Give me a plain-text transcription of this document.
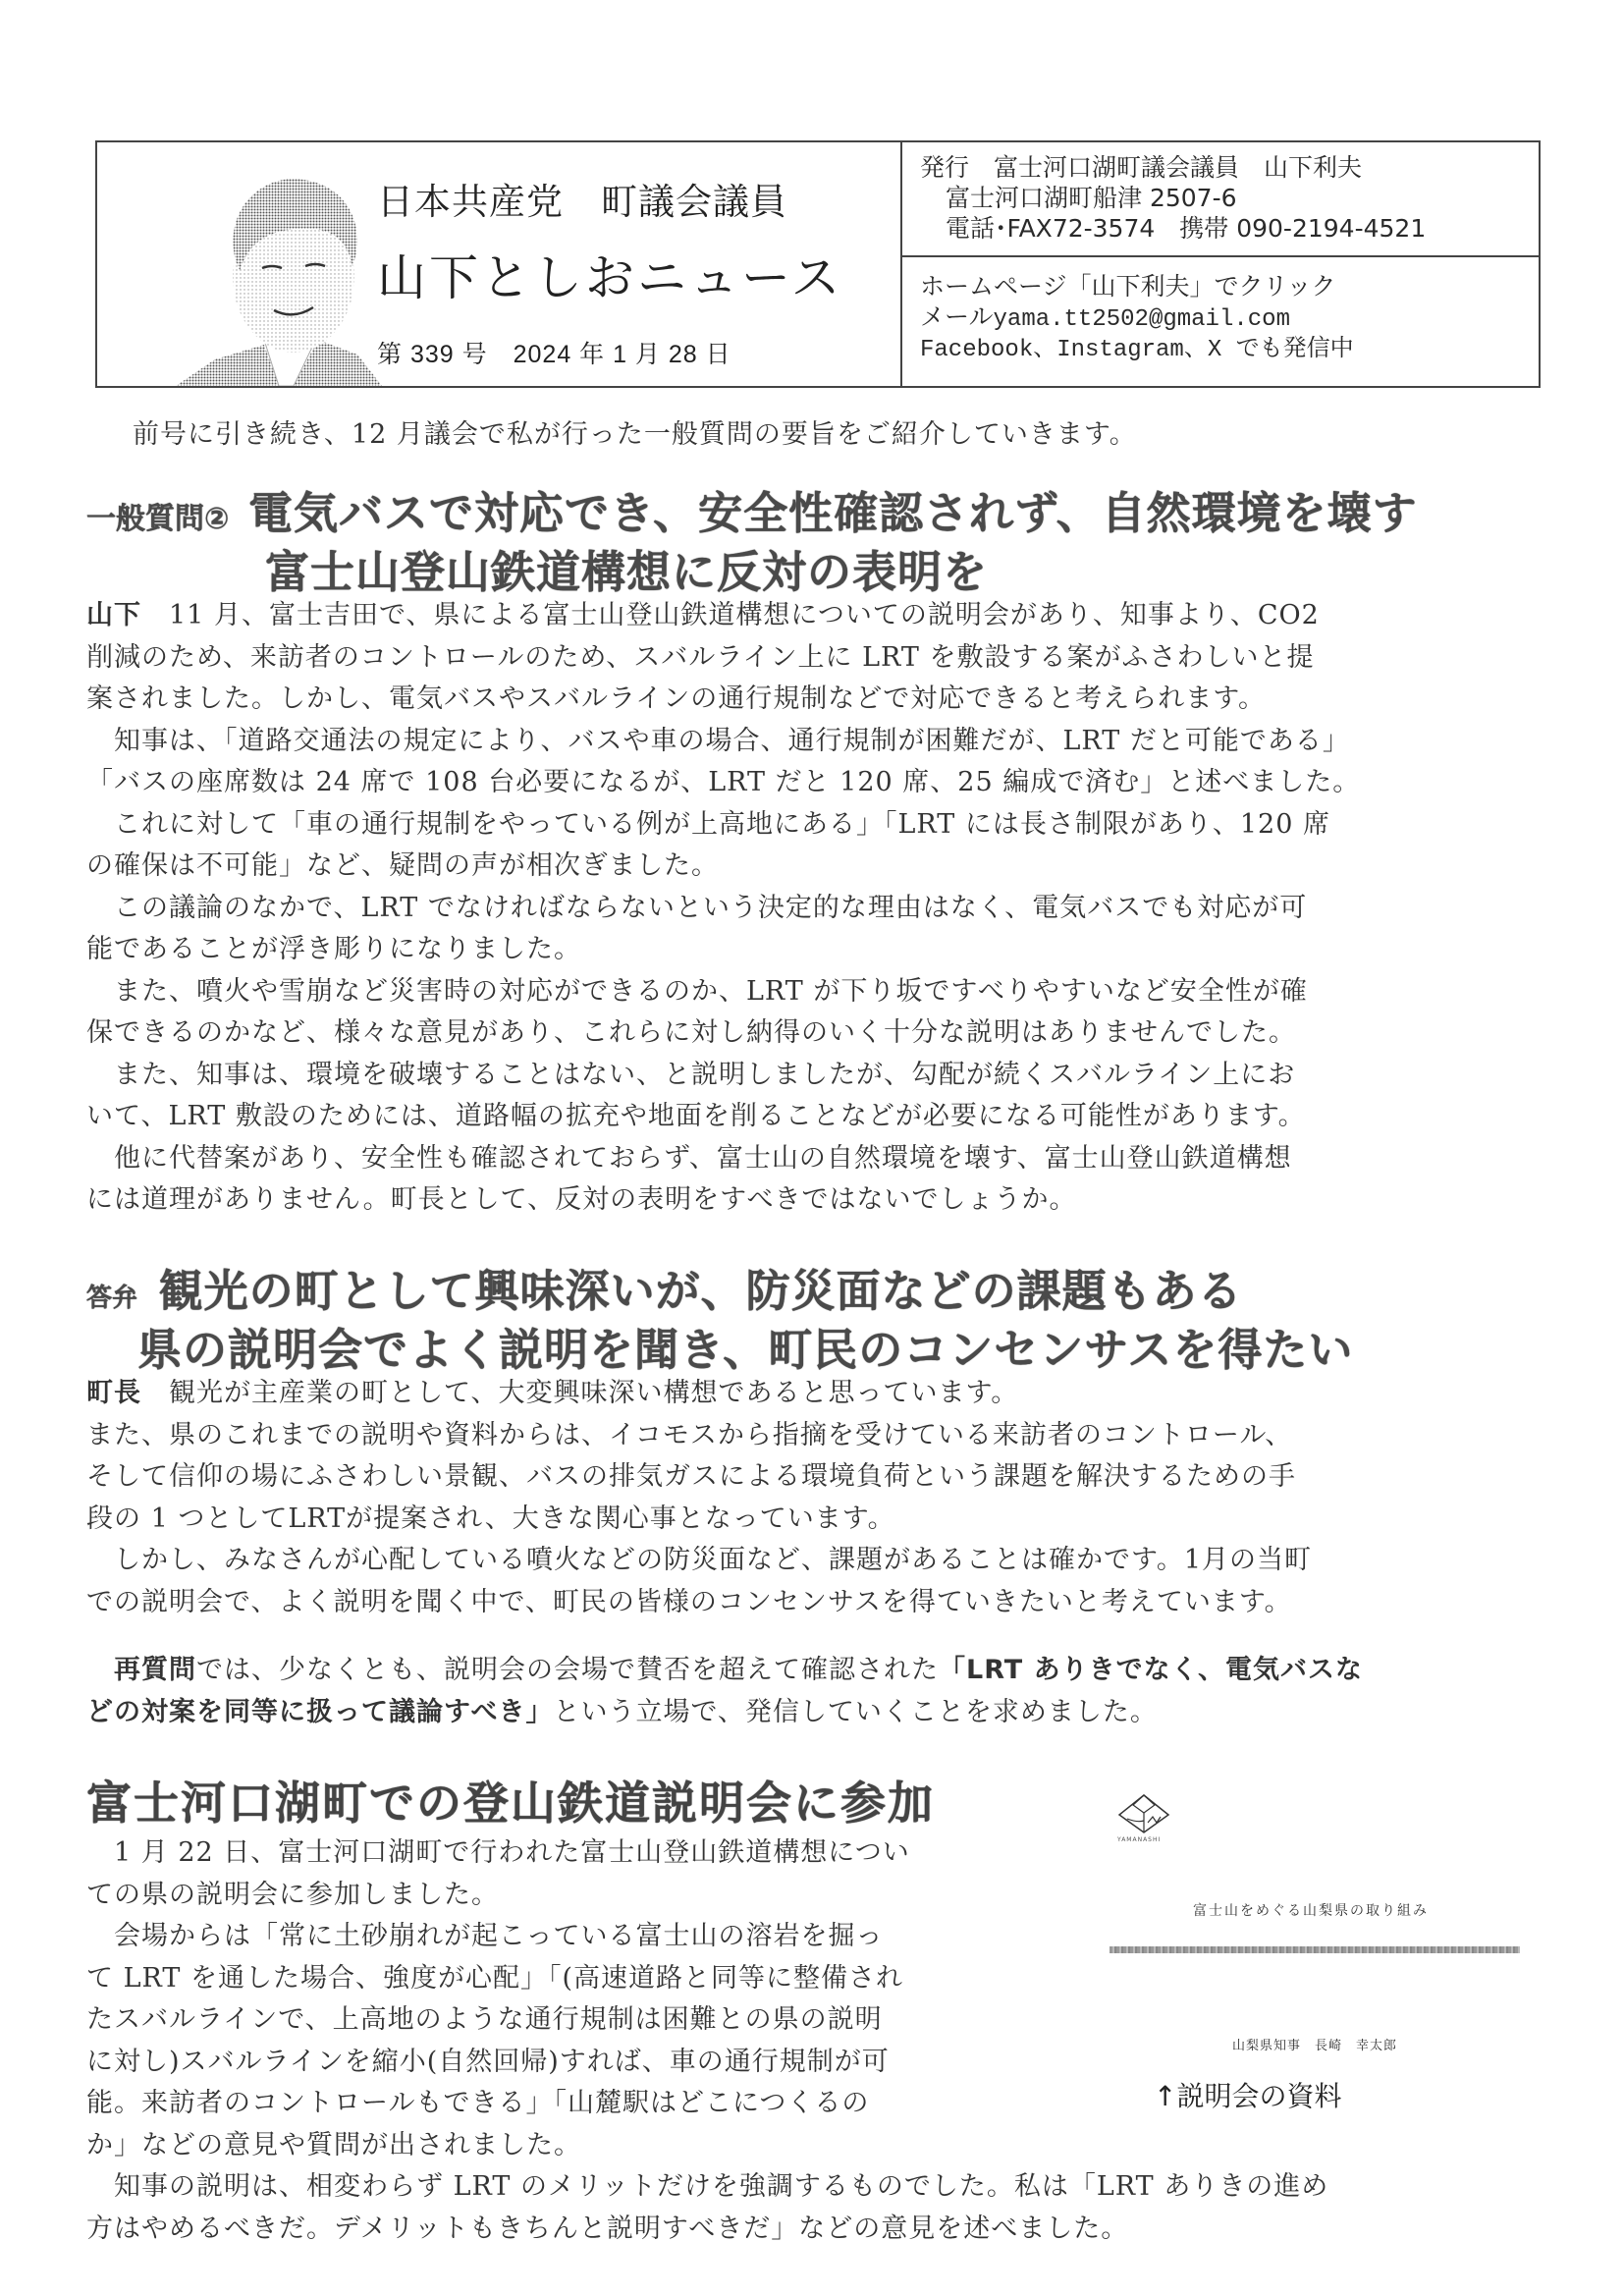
日本共産党　町議会議員
山下としおニュース
第 339 号　2024 年 1 月 28 日
発行　富士河口湖町議会議員　山下利夫
富士河口湖町船津 2507-6
電話･FAX72-3574　携帯 090-2194-4521
ホームページ「山下利夫」でクリック
メールyama.tt2502@gmail.com
Facebook、Instagram、X でも発信中
前号に引き続き、12 月議会で私が行った一般質問の要旨をご紹介していきます。
一般質問② 電気バスで対応でき、安全性確認されず、自然環境を壊す
富士山登山鉄道構想に反対の表明を
山下　 11 月、富士吉田で、県による富士山登山鉄道構想についての説明会があり、知事より、CO2
削減のため、来訪者のコントロールのため、スバルライン上に LRT を敷設する案がふさわしいと提
案されました。しかし、電気バスやスバルラインの通行規制などで対応できると考えられます。
　知事は、「道路交通法の規定により、バスや車の場合、通行規制が困難だが、LRT だと可能である」
「バスの座席数は 24 席で 108 台必要になるが、LRT だと 120 席、25 編成で済む」と述べました。
　これに対して「車の通行規制をやっている例が上高地にある」「LRT には長さ制限があり、120 席
の確保は不可能」など、疑問の声が相次ぎました。
　この議論のなかで、LRT でなければならないという決定的な理由はなく、電気バスでも対応が可
能であることが浮き彫りになりました。
　また、噴火や雪崩など災害時の対応ができるのか、LRT が下り坂ですべりやすいなど安全性が確
保できるのかなど、様々な意見があり、これらに対し納得のいく十分な説明はありませんでした。
　また、知事は、環境を破壊することはない、と説明しましたが、勾配が続くスバルライン上にお
いて、LRT 敷設のためには、道路幅の拡充や地面を削ることなどが必要になる可能性があります。
　他に代替案があり、安全性も確認されておらず、富士山の自然環境を壊す、富士山登山鉄道構想
には道理がありません。町長として、反対の表明をすべきではないでしょうか。
答弁 観光の町として興味深いが、防災面などの課題もある
県の説明会でよく説明を聞き、町民のコンセンサスを得たい
町長　 観光が主産業の町として、大変興味深い構想であると思っています。
また、県のこれまでの説明や資料からは、イコモスから指摘を受けている来訪者のコントロール、
そして信仰の場にふさわしい景観、バスの排気ガスによる環境負荷という課題を解決するための手
段の 1 つとしてLRTが提案され、大きな関心事となっています。
　しかし、みなさんが心配している噴火などの防災面など、課題があることは確かです。1月の当町
での説明会で、よく説明を聞く中で、町民の皆様のコンセンサスを得ていきたいと考えています。
　再質問では、少なくとも、説明会の会場で賛否を超えて確認された「LRT ありきでなく、電気バスな
どの対案を同等に扱って議論すべき」という立場で、発信していくことを求めました。
富士河口湖町での登山鉄道説明会に参加
　1 月 22 日、富士河口湖町で行われた富士山登山鉄道構想につい
ての県の説明会に参加しました。
　会場からは「常に土砂崩れが起こっている富士山の溶岩を掘っ
て LRT を通した場合、強度が心配」「(高速道路と同等に整備され
たスバルラインで、上高地のような通行規制は困難との県の説明
に対し)スバルラインを縮小(自然回帰)すれば、車の通行規制が可
能。来訪者のコントロールもできる」「山麓駅はどこにつくるの
か」などの意見や質問が出されました。
YAMANASHI
富士山をめぐる山梨県の取り組み
山梨県知事　長崎　幸太郎
↑説明会の資料
　知事の説明は、相変わらず LRT のメリットだけを強調するものでした。私は「LRT ありきの進め
方はやめるべきだ。デメリットもきちんと説明すべきだ」などの意見を述べました。
